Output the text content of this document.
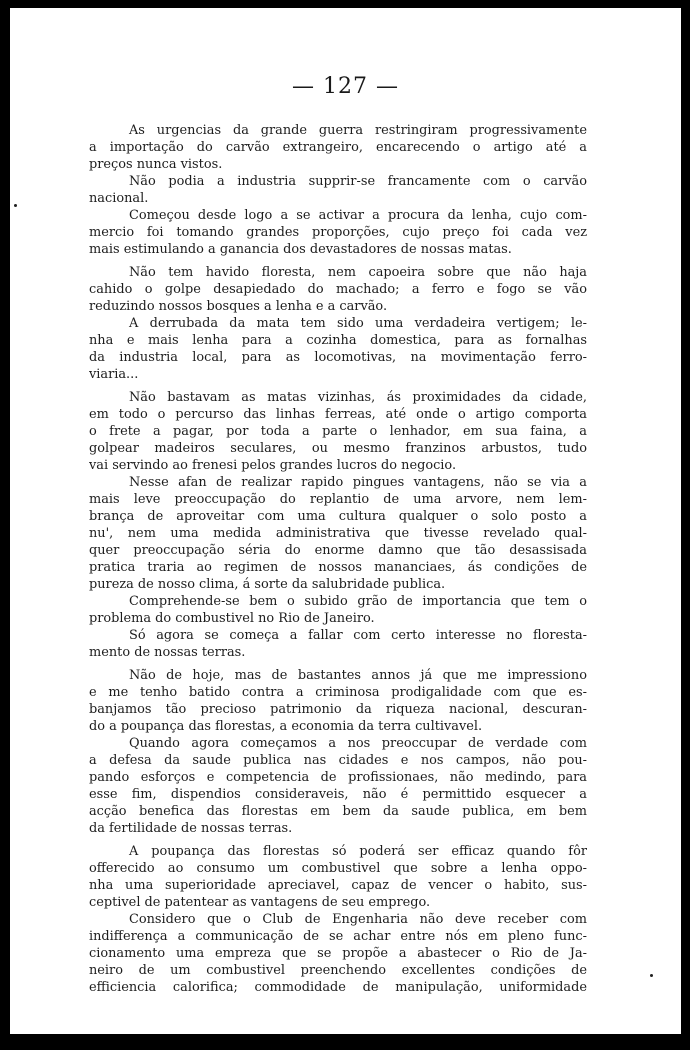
— 127 —
As urgencias da grande guerra restringiram progressivamente
a importação do carvão extrangeiro, encarecendo o artigo até a
preços nunca vistos.
Não podia a industria supprir-se francamente com o carvão
nacional.
Começou desde logo a se activar a procura da lenha, cujo com-
mercio foi tomando grandes proporções, cujo preço foi cada vez
mais estimulando a ganancia dos devastadores de nossas matas.
Não tem havido floresta, nem capoeira sobre que não haja
cahido o golpe desapiedado do machado; a ferro e fogo se vão
reduzindo nossos bosques a lenha e a carvão.
A derrubada da mata tem sido uma verdadeira vertigem; le-
nha e mais lenha para a cozinha domestica, para as fornalhas
da industria local, para as locomotivas, na movimentação ferro-
viaria...
Não bastavam as matas vizinhas, ás proximidades da cidade,
em todo o percurso das linhas ferreas, até onde o artigo comporta
o frete a pagar, por toda a parte o lenhador, em sua faina, a
golpear madeiros seculares, ou mesmo franzinos arbustos, tudo
vai servindo ao frenesi pelos grandes lucros do negocio.
Nesse afan de realizar rapido pingues vantagens, não se via a
mais leve preoccupação do replantio de uma arvore, nem lem-
brança de aproveitar com uma cultura qualquer o solo posto a
nu', nem uma medida administrativa que tivesse revelado qual-
quer preoccupação séria do enorme damno que tão desassisada
pratica traria ao regimen de nossos mananciaes, ás condições de
pureza de nosso clima, á sorte da salubridade publica.
Comprehende-se bem o subido grão de importancia que tem o
problema do combustivel no Rio de Janeiro.
Só agora se começa a fallar com certo interesse no floresta-
mento de nossas terras.
Não de hoje, mas de bastantes annos já que me impressiono
e me tenho batido contra a criminosa prodigalidade com que es-
banjamos tão precioso patrimonio da riqueza nacional, descuran-
do a poupança das florestas, a economia da terra cultivavel.
Quando agora começamos a nos preoccupar de verdade com
a defesa da saude publica nas cidades e nos campos, não pou-
pando esforços e competencia de profissionaes, não medindo, para
esse fim, dispendios consideraveis, não é permittido esquecer a
acção benefica das florestas em bem da saude publica, em bem
da fertilidade de nossas terras.
A poupança das florestas só poderá ser efficaz quando fôr
offerecido ao consumo um combustivel que sobre a lenha oppo-
nha uma superioridade apreciavel, capaz de vencer o habito, sus-
ceptivel de patentear as vantagens de seu emprego.
Considero que o Club de Engenharia não deve receber com
indifferença a communicação de se achar entre nós em pleno func-
cionamento uma empreza que se propõe a abastecer o Rio de Ja-
neiro de um combustivel preenchendo excellentes condições de
efficiencia calorifica; commodidade de manipulação, uniformidade
